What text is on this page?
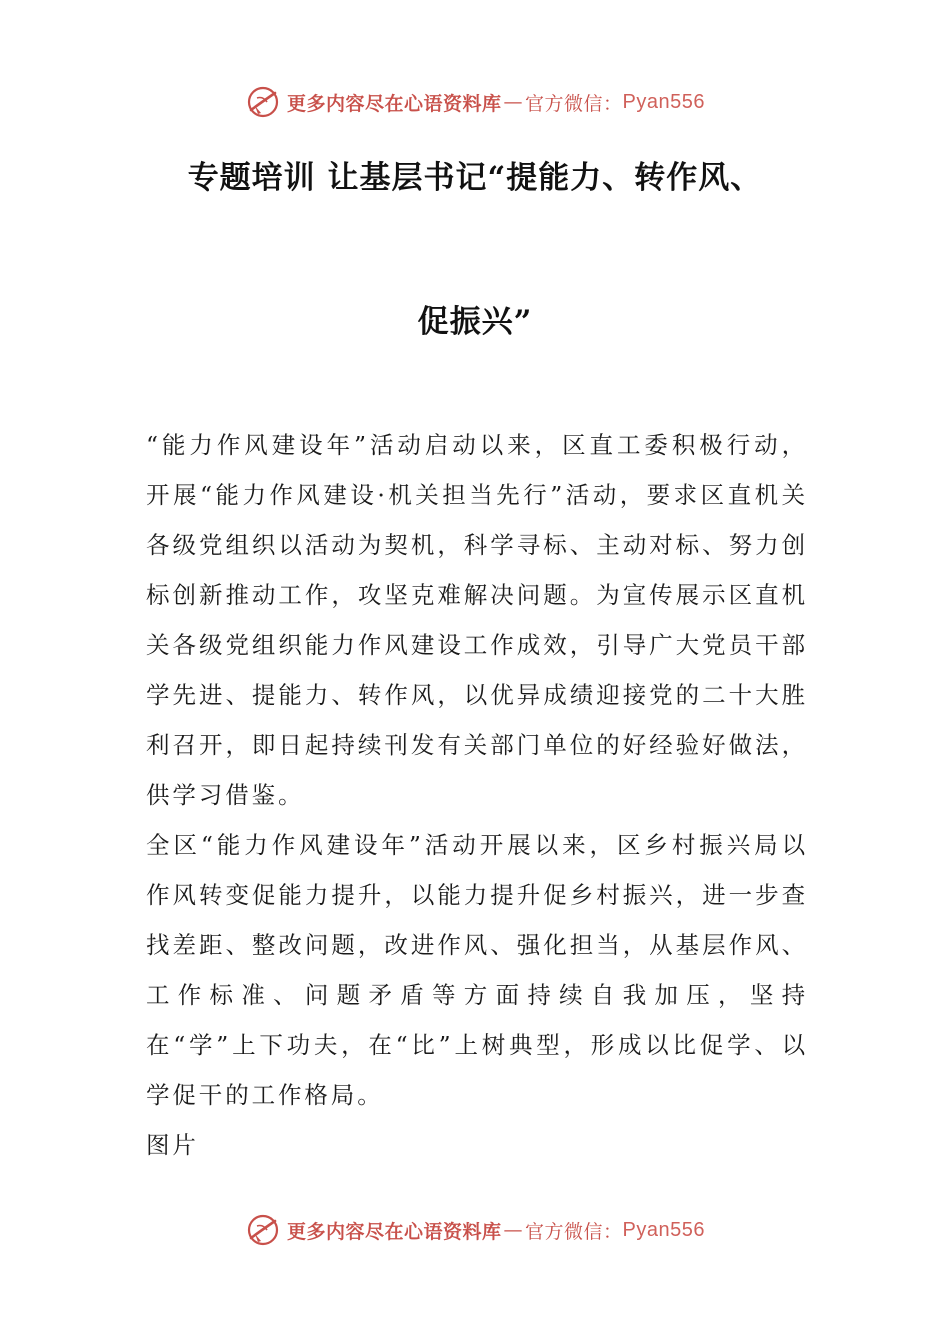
更多内容尽在心语资料库 — 官方微信： Pyan556
专题培训 让基层书记“提能力、转作风、
促振兴”

“能力作风建设年”活动启动以来，区直工委积极行动，开展“能力作风建设·机关担当先行”活动，要求区直机关各级党组织以活动为契机，科学寻标、主动对标、努力创标创新推动工作，攻坚克难解决问题。为宣传展示区直机关各级党组织能力作风建设工作成效，引导广大党员干部学先进、提能力、转作风，以优异成绩迎接党的二十大胜利召开，即日起持续刊发有关部门单位的好经验好做法，供学习借鉴。

全区“能力作风建设年”活动开展以来，区乡村振兴局以作风转变促能力提升，以能力提升促乡村振兴，进一步查找差距、整改问题，改进作风、强化担当，从基层作风、工作标准、问题矛盾等方面持续自我加压，坚持在“学”上下功夫，在“比”上树典型，形成以比促学、以学促干的工作格局。

图片

更多内容尽在心语资料库 — 官方微信： Pyan556
